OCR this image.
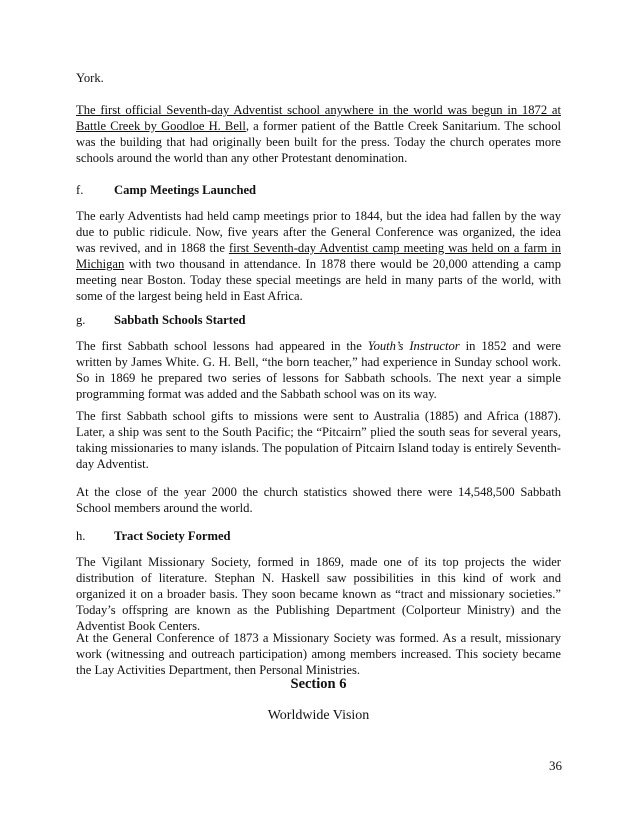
York.

The first official Seventh-day Adventist school anywhere in the world was begun in 1872 at Battle Creek by Goodloe H. Bell, a former patient of the Battle Creek Sanitarium. The school was the building that had originally been built for the press. Today the church operates more schools around the world than any other Protestant denomination.

f. Camp Meetings Launched

The early Adventists had held camp meetings prior to 1844, but the idea had fallen by the way due to public ridicule. Now, five years after the General Conference was organized, the idea was revived, and in 1868 the first Seventh-day Adventist camp meeting was held on a farm in Michigan with two thousand in attendance. In 1878 there would be 20,000 attending a camp meeting near Boston. Today these special meetings are held in many parts of the world, with some of the largest being held in East Africa.

g. Sabbath Schools Started

The first Sabbath school lessons had appeared in the Youth’s Instructor in 1852 and were written by James White. G. H. Bell, “the born teacher,” had experience in Sunday school work. So in 1869 he prepared two series of lessons for Sabbath schools. The next year a simple programming format was added and the Sabbath school was on its way.

The first Sabbath school gifts to missions were sent to Australia (1885) and Africa (1887). Later, a ship was sent to the South Pacific; the “Pitcairn” plied the south seas for several years, taking missionaries to many islands. The population of Pitcairn Island today is entirely Seventh-day Adventist.

At the close of the year 2000 the church statistics showed there were 14,548,500 Sabbath School members around the world.

h. Tract Society Formed

The Vigilant Missionary Society, formed in 1869, made one of its top projects the wider distribution of literature. Stephan N. Haskell saw possibilities in this kind of work and organized it on a broader basis. They soon became known as “tract and missionary societies.” Today’s offspring are known as the Publishing Department (Colporteur Ministry) and the Adventist Book Centers.

At the General Conference of 1873 a Missionary Society was formed. As a result, missionary work (witnessing and outreach participation) among members increased. This society became the Lay Activities Department, then Personal Ministries.

Section 6
Worldwide Vision
36
